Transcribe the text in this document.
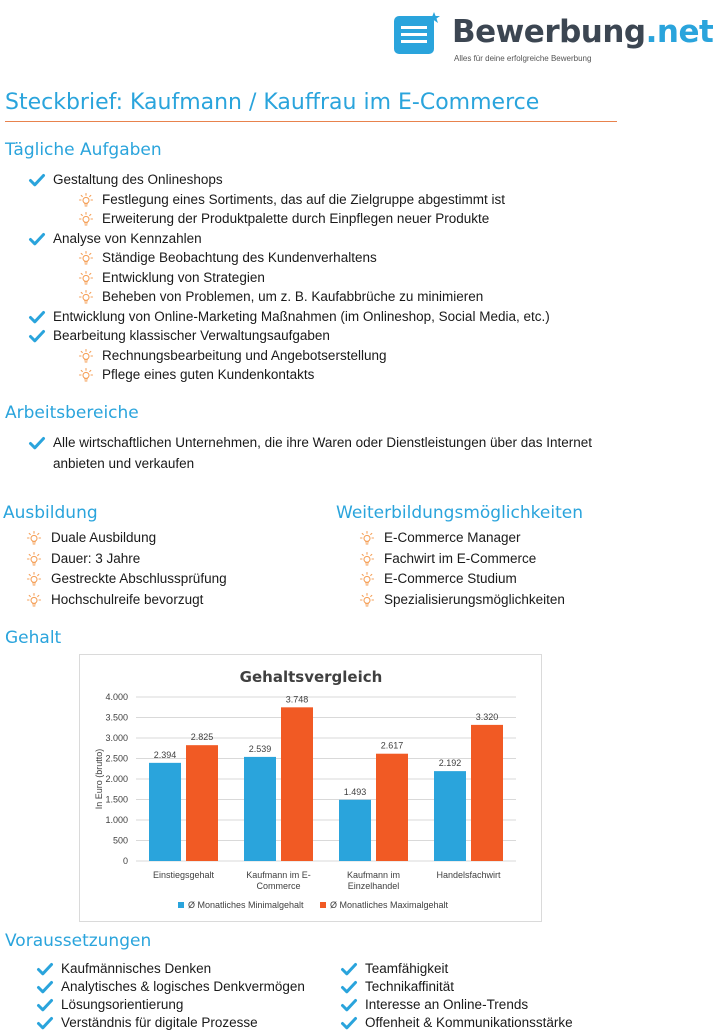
Bewerbung.net
Alles für deine erfolgreiche Bewerbung
Steckbrief: Kaufmann / Kauffrau im E-Commerce
Tägliche Aufgaben
Gestaltung des Onlineshops
Festlegung eines Sortiments, das auf die Zielgruppe abgestimmt ist
Erweiterung der Produktpalette durch Einpflegen neuer Produkte
Analyse von Kennzahlen
Ständige Beobachtung des Kundenverhaltens
Entwicklung von Strategien
Beheben von Problemen, um z. B. Kaufabbrüche zu minimieren
Entwicklung von Online-Marketing Maßnahmen (im Onlineshop, Social Media, etc.)
Bearbeitung klassischer Verwaltungsaufgaben
Rechnungsbearbeitung und Angebotserstellung
Pflege eines guten Kundenkontakts
Arbeitsbereiche
Alle wirtschaftlichen Unternehmen, die ihre Waren oder Dienstleistungen über das Internet anbieten und verkaufen
Ausbildung
Duale Ausbildung
Dauer: 3 Jahre
Gestreckte Abschlussprüfung
Hochschulreife bevorzugt
Weiterbildungsmöglichkeiten
E-Commerce Manager
Fachwirt im E-Commerce
E-Commerce Studium
Spezialisierungsmöglichkeiten
Gehalt
Gehaltsvergleich
0
500
1.000
1.500
2.000
2.500
3.000
3.500
4.000
In Euro (brutto)	2.394
2.825
Einstiegsgehalt
2.539
3.748
Kaufmann im E-
Commerce
1.493
2.617
Kaufmann im
Einzelhandel
2.192
3.320
Handelsfachwirt
Ø Monatliches Minimalgehalt	Ø Monatliches Maximalgehalt
Voraussetzungen
Kaufmännisches Denken
Analytisches & logisches Denkvermögen
Lösungsorientierung
Verständnis für digitale Prozesse
Teamfähigkeit
Technikaffinität
Interesse an Online-Trends
Offenheit & Kommunikationsstärke
